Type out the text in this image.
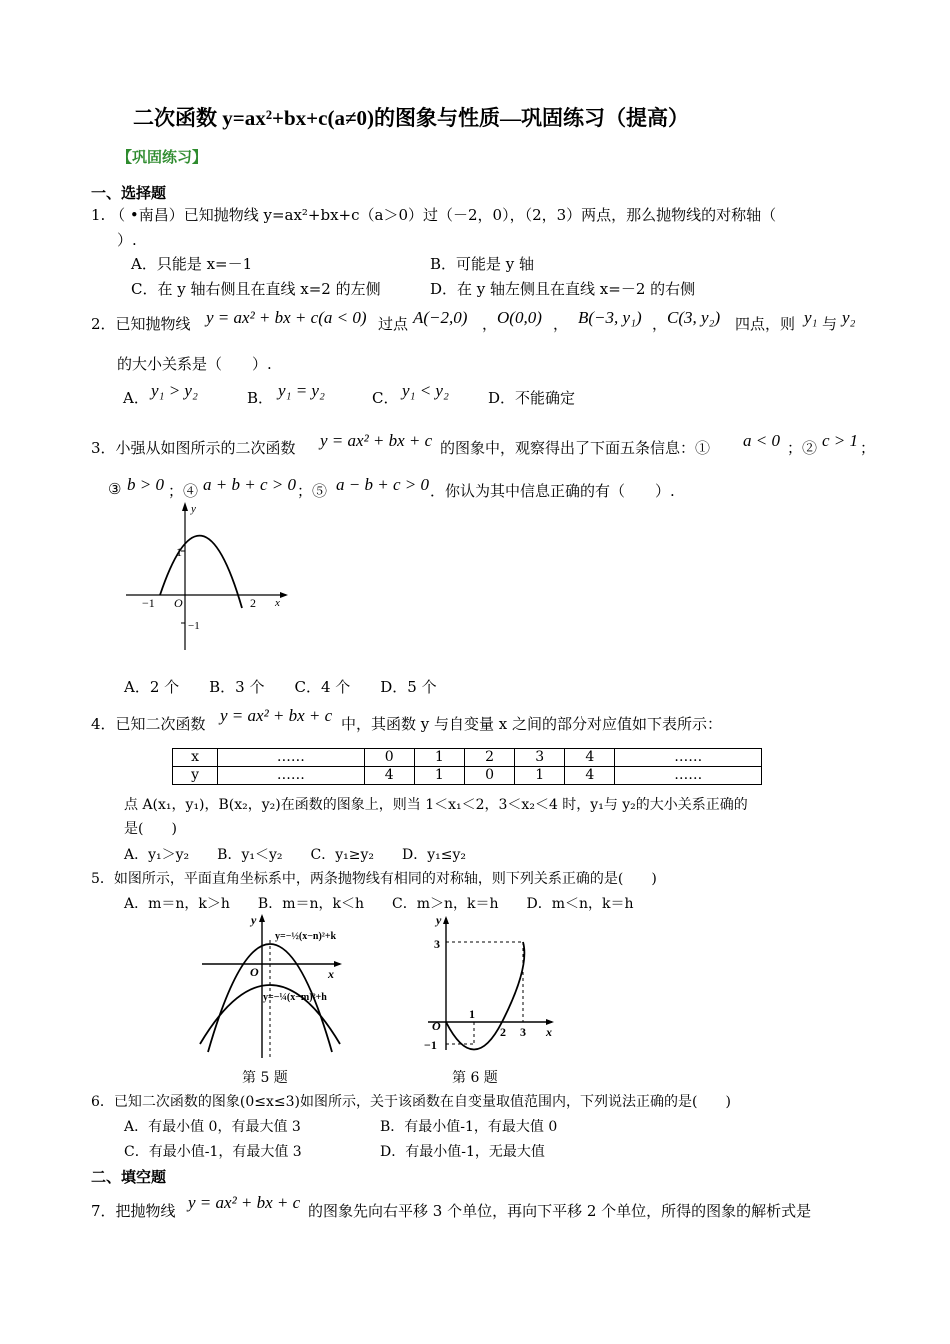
二次函数 y=ax²+bx+c(a≠0)的图象与性质—巩固练习（提高）
【巩固练习】
一、选择题
1. （ •南昌）已知抛物线 y=ax²+bx+c（a＞0）过（－2，0），（2，3）两点，那么抛物线的对称轴（
）.
A．只能是 x=－1	B．可能是 y 轴
C．在 y 轴右侧且在直线 x=2 的左侧	D．在 y 轴左侧且在直线 x=－2 的右侧
2．已知抛物线 y = ax² + bx + c(a < 0) 过点 A(−2,0) ， O(0,0) ， B(−3, y₁) ， C(3, y₂) 四点，则 y₁ 与 y₂
的大小关系是（　　）.
A． y₁ > y₂	B． y₁ = y₂	C． y₁ < y₂	D．不能确定
3．小强从如图所示的二次函数 y = ax² + bx + c 的图象中，观察得出了下面五条信息：① a < 0 ；② c > 1 ；
③ b > 0 ；④ a + b + c > 0 ；⑤ a − b + c > 0 ．你认为其中信息正确的有（　　）.
y
1
x
−1
O
−1	2
A．2 个　　B．3 个　　C．4 个　　D．5 个
4．已知二次函数 y = ax² + bx + c 中，其函数 y 与自变量 x 之间的部分对应值如下表所示：
x	……	0	1	2	3	4	……
y	……	4	1	0	1	4	……
点 A(x₁，y₁)，B(x₂，y₂)在函数的图象上，则当 1＜x₁＜2，3＜x₂＜4 时，y₁与 y₂的大小关系正确的
是(　　)
A．y₁＞y₂　　B．y₁＜y₂　　C．y₁≥y₂　　D．y₁≤y₂
5．如图所示，平面直角坐标系中，两条抛物线有相同的对称轴，则下列关系正确的是(　　)
A．m＝n，k＞h　　B．m＝n，k＜h　　C．m＞n，k＝h　　D．m＜n，k＝h
y=−½(x−n)²+k
y=−¼(x−m)²+h
O	x
y
第 5 题
y
3
O
−1
1
2 3 x
第 6 题
6．已知二次函数的图象(0≤x≤3)如图所示，关于该函数在自变量取值范围内，下列说法正确的是(　　)
A．有最小值 0，有最大值 3	B．有最小值-1，有最大值 0
C．有最小值-1，有最大值 3	D．有最小值-1，无最大值
二、填空题
7．把抛物线 y = ax² + bx + c 的图象先向右平移 3 个单位，再向下平移 2 个单位，所得的图象的解析式是
